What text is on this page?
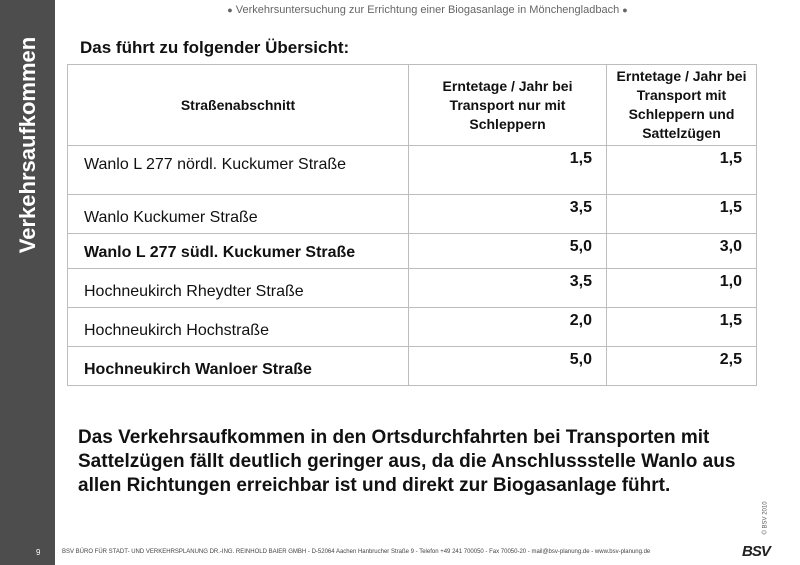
Verkehrsaufkommen
9
● Verkehrsuntersuchung zur Errichtung einer Biogasanlage in Mönchengladbach ●
Das führt zu folgender Übersicht:
Straßenabschnitt	Erntetage / Jahr bei Transport nur mit Schleppern	Erntetage / Jahr bei Transport mit Schleppern und Sattelzügen
Wanlo L 277 nördl. Kuckumer Straße	1,5	1,5
Wanlo Kuckumer Straße	3,5	1,5
Wanlo L 277 südl. Kuckumer Straße	5,0	3,0
Hochneukirch Rheydter Straße	3,5	1,0
Hochneukirch Hochstraße	2,0	1,5
Hochneukirch Wanloer Straße	5,0	2,5
Das Verkehrsaufkommen in den Ortsdurchfahrten bei Transporten mit Sattelzügen fällt deutlich geringer aus, da die Anschlussstelle Wanlo aus allen Richtungen erreichbar ist und direkt zur Biogasanlage führt.
© BSV 2010
BSV BÜRO FÜR STADT- UND VERKEHRSPLANUNG DR.-ING. REINHOLD BAIER GMBH - D-52064 Aachen Hanbrucher Straße 9 - Telefon +49 241 700050 - Fax 70050-20 - mail@bsv-planung.de - www.bsv-planung.de	BSV
